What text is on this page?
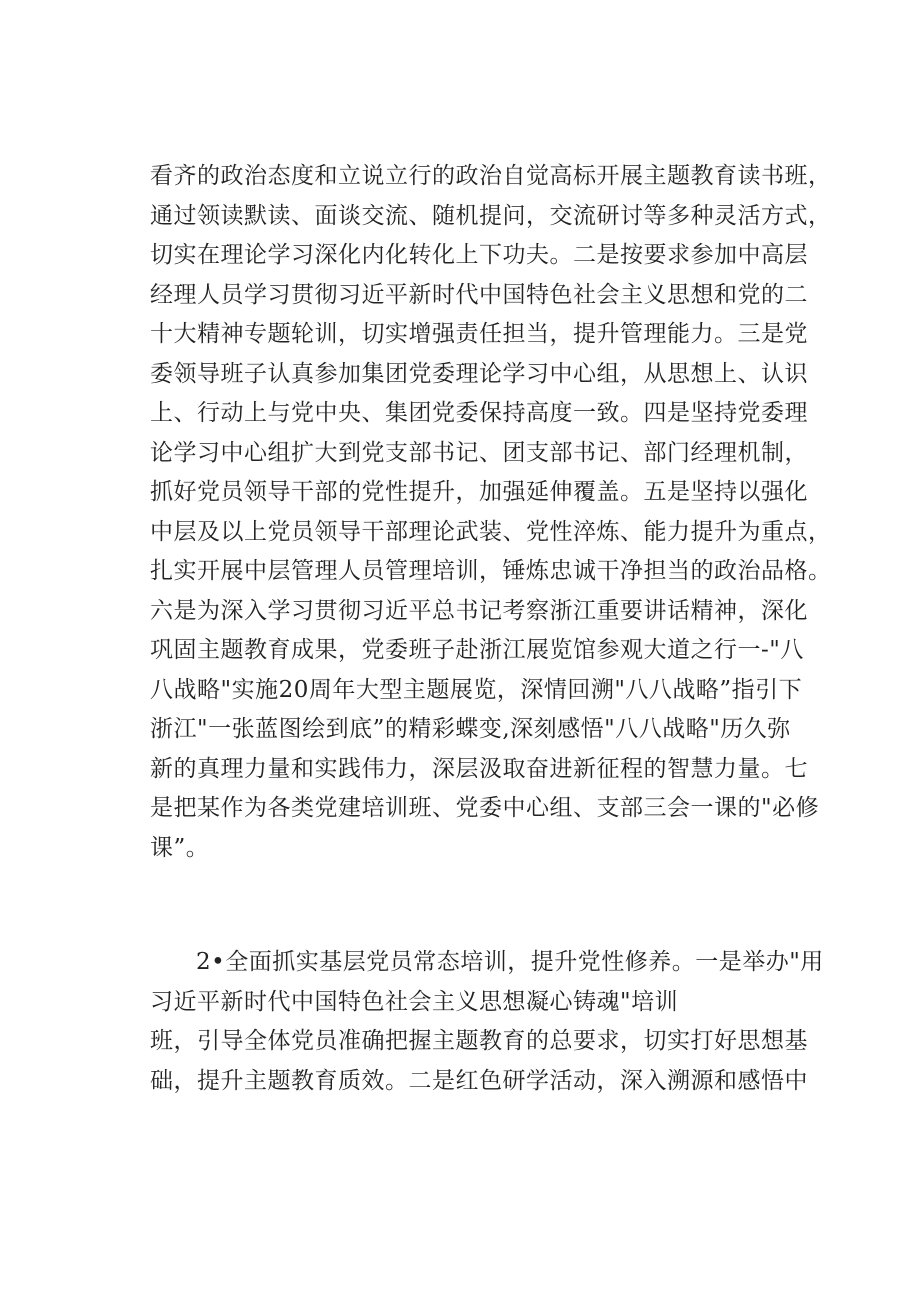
看齐的政治态度和立说立行的政治自觉高标开展主题教育读书班，
通过领读默读、面谈交流、随机提问，交流研讨等多种灵活方式，
切实在理论学习深化内化转化上下功夫。二是按要求参加中高层
经理人员学习贯彻习近平新时代中国特色社会主义思想和党的二
十大精神专题轮训，切实增强责任担当，提升管理能力。三是党
委领导班子认真参加集团党委理论学习中心组，从思想上、认识
上、行动上与党中央、集团党委保持高度一致。四是坚持党委理
论学习中心组扩大到党支部书记、团支部书记、部门经理机制，
抓好党员领导干部的党性提升，加强延伸覆盖。五是坚持以强化
中层及以上党员领导干部理论武装、党性淬炼、能力提升为重点，
扎实开展中层管理人员管理培训，锤炼忠诚干净担当的政治品格。
六是为深入学习贯彻习近平总书记考察浙江重要讲话精神，深化
巩固主题教育成果，党委班子赴浙江展览馆参观大道之行一-"八
八战略"实施20周年大型主题展览，深情回溯"八八战略”指引下
浙江"一张蓝图绘到底”的精彩蝶变,深刻感悟"八八战略"历久弥
新的真理力量和实践伟力，深层汲取奋进新征程的智慧力量。七
是把某作为各类党建培训班、党委中心组、支部三会一课的"必修
课”。
2•全面抓实基层党员常态培训，提升党性修养。一是举办"用
习近平新时代中国特色社会主义思想凝心铸魂"培训
班，引导全体党员准确把握主题教育的总要求，切实打好思想基
础，提升主题教育质效。二是红色研学活动，深入溯源和感悟中
